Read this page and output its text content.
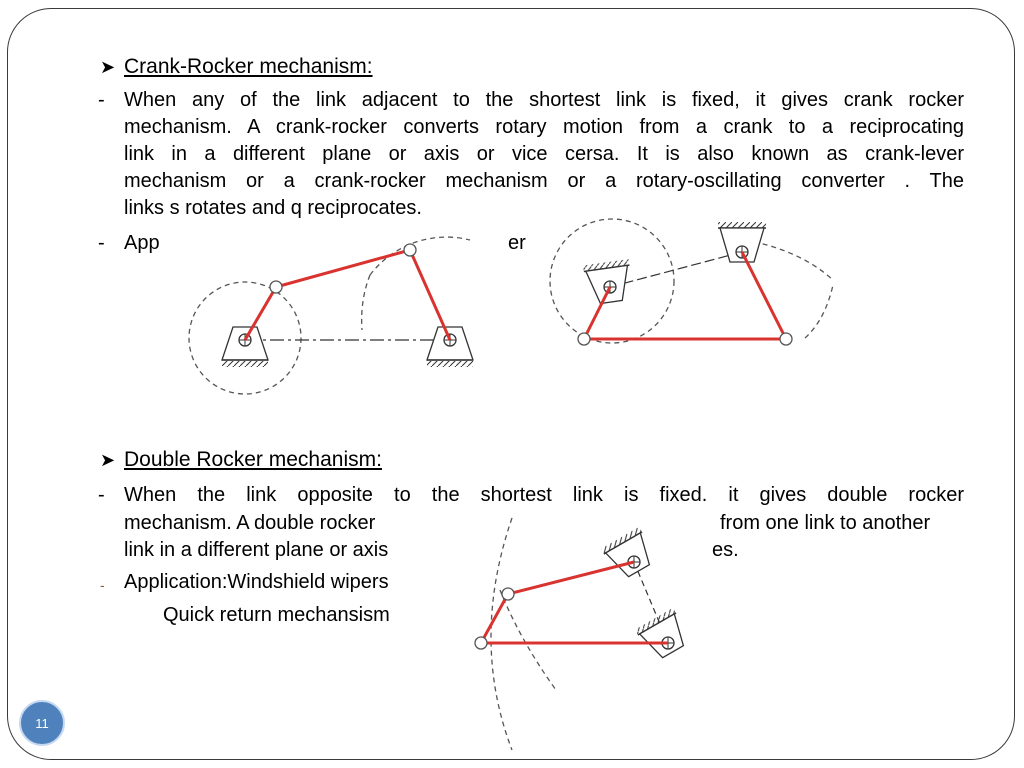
➤ Crank-Rocker mechanism:
- When any of the link adjacent to the shortest link is fixed, it gives crank rocker
mechanism. A crank-rocker converts rotary motion from a crank to a reciprocating
link in a different plane or axis or vice cersa. It is also known as crank-lever
mechanism or a crank-rocker mechanism or a rotary-oscillating converter . The
links s rotates and q reciprocates.
- App	er
➤ Double Rocker mechanism:
- When the link opposite to the shortest link is fixed. it gives double rocker
mechanism. A double rocker	from one link to another
link in a different plane or axis	es.
- Application:Windshield wipers
Quick return mechansism
11
